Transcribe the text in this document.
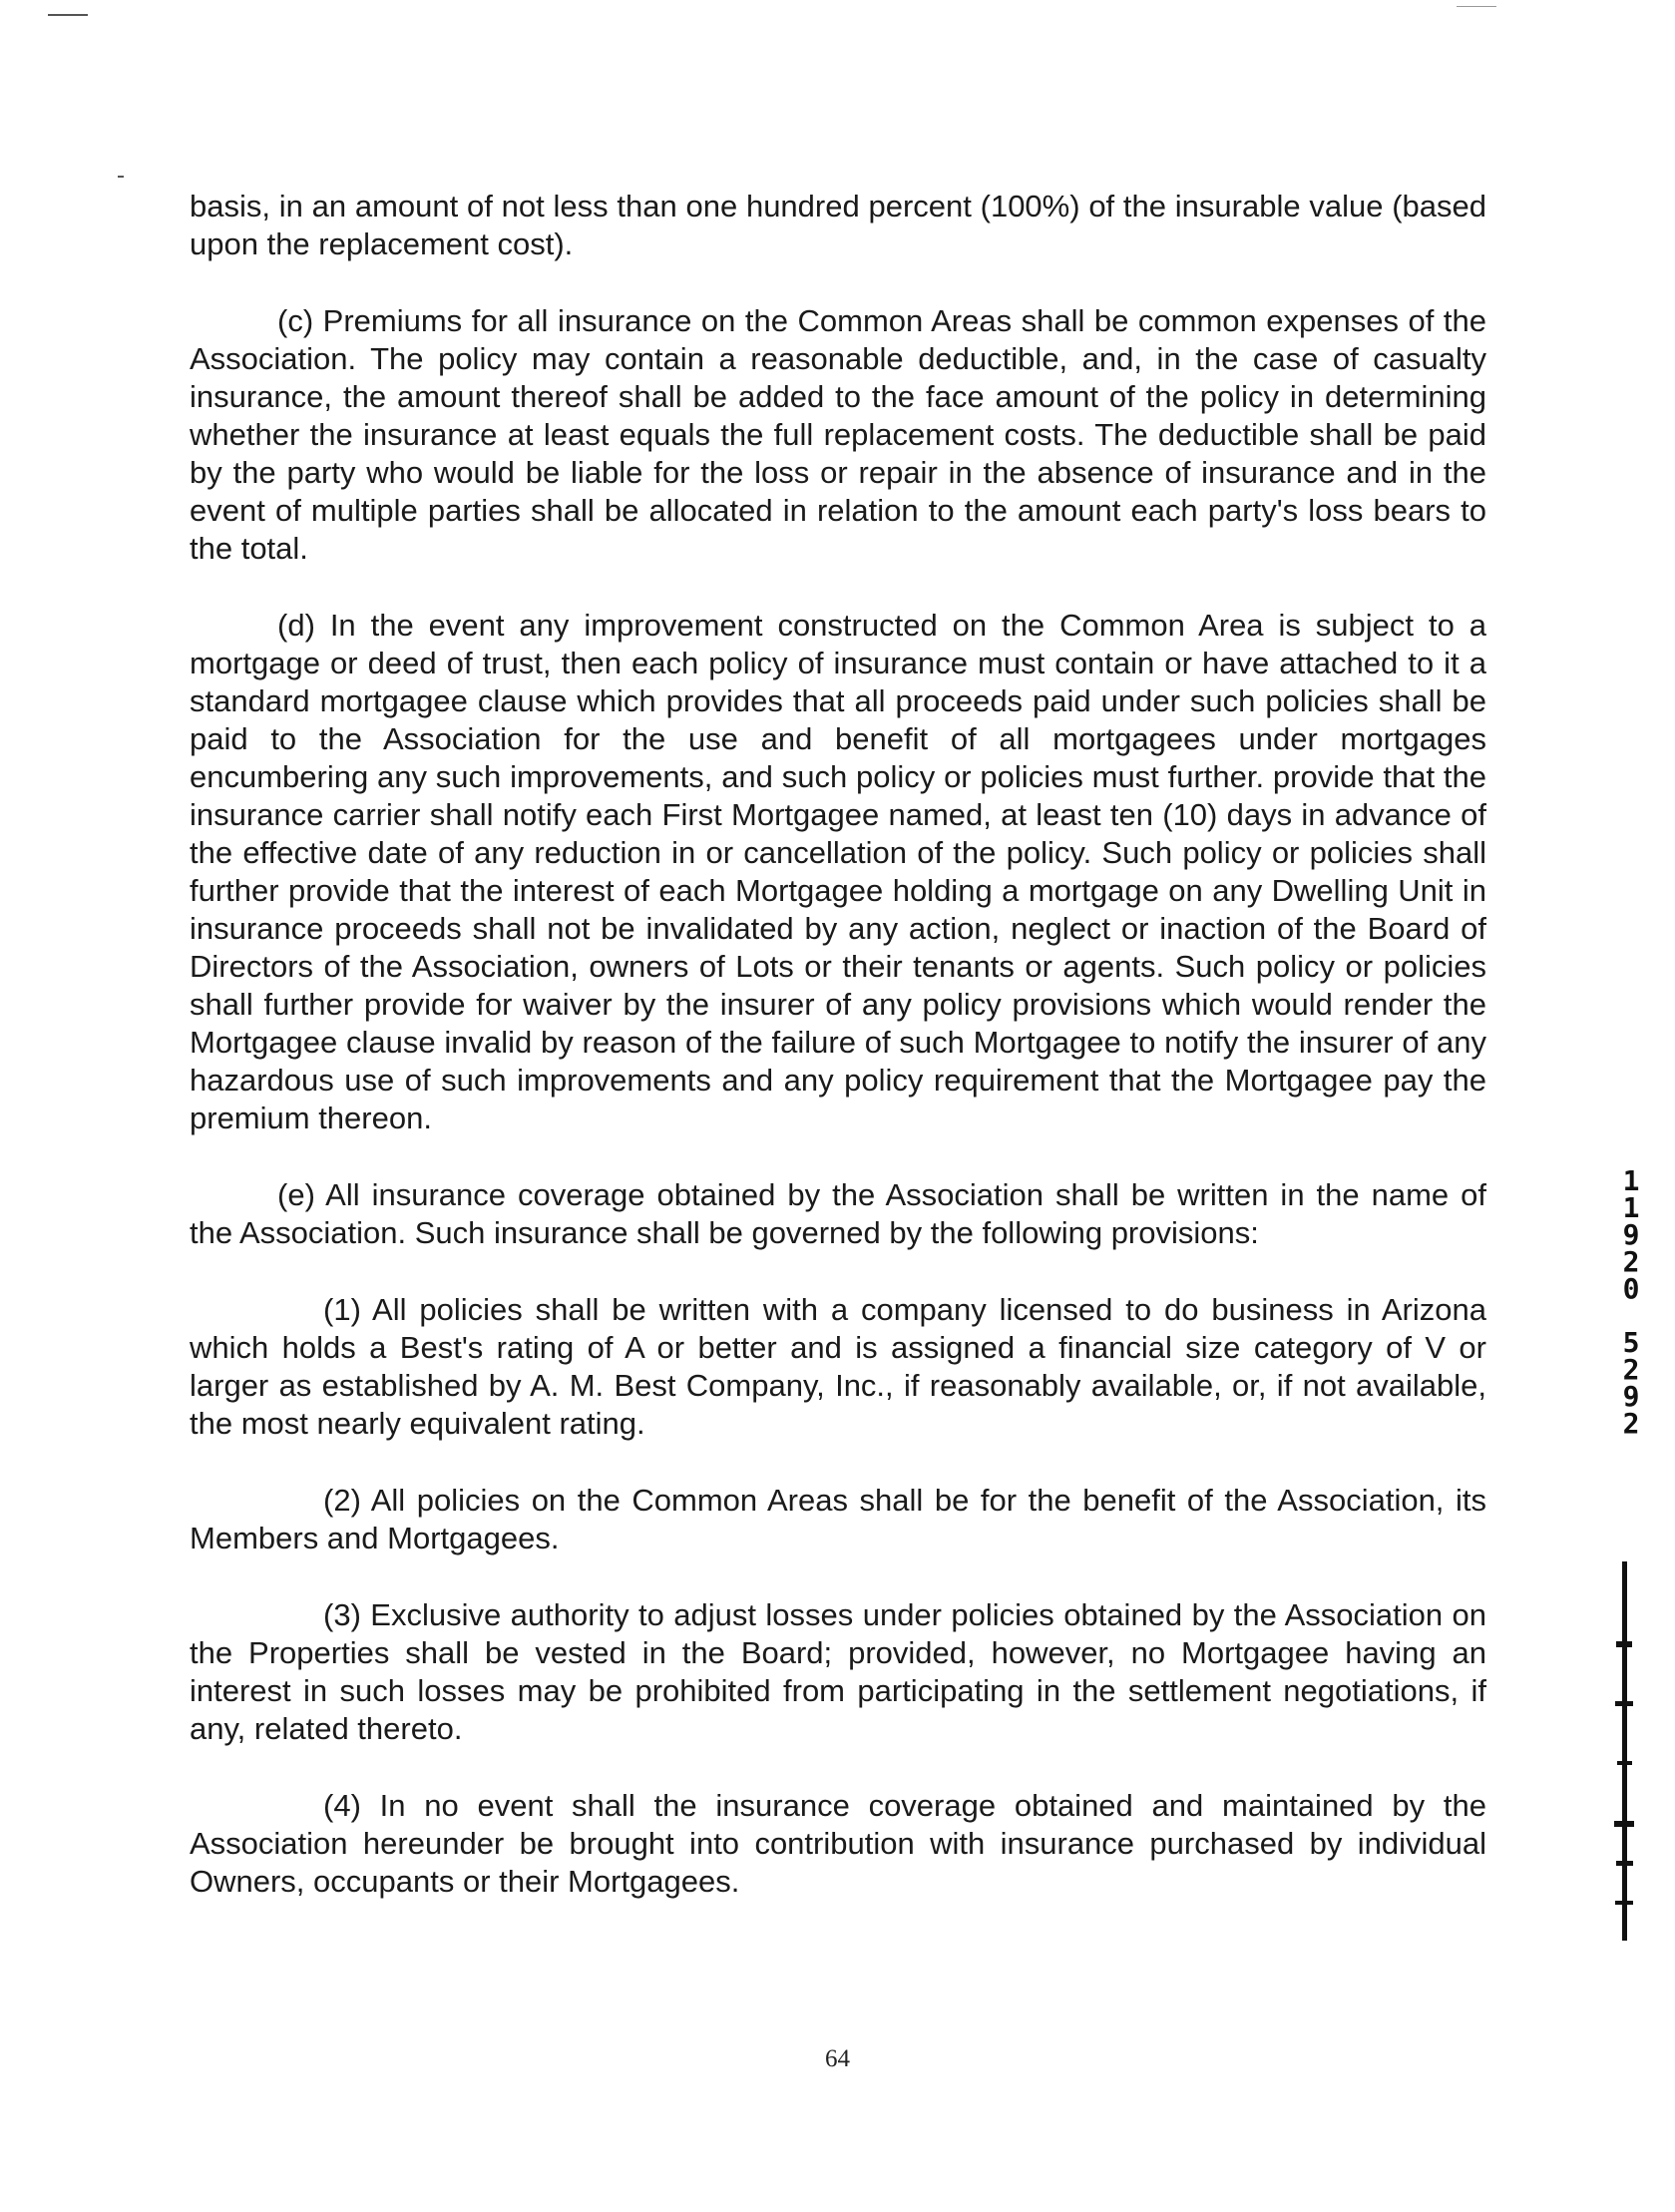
basis, in an amount of not less than one hundred percent (100%) of the insurable value (based upon the replacement cost).

(c) Premiums for all insurance on the Common Areas shall be common expenses of the Association. The policy may contain a reasonable deductible, and, in the case of casualty insurance, the amount thereof shall be added to the face amount of the policy in determining whether the insurance at least equals the full replacement costs. The deductible shall be paid by the party who would be liable for the loss or repair in the absence of insurance and in the event of multiple parties shall be allocated in relation to the amount each party's loss bears to the total.

(d) In the event any improvement constructed on the Common Area is subject to a mortgage or deed of trust, then each policy of insurance must contain or have attached to it a standard mortgagee clause which provides that all proceeds paid under such policies shall be paid to the Association for the use and benefit of all mortgagees under mortgages encumbering any such improvements, and such policy or policies must further. provide that the insurance carrier shall notify each First Mortgagee named, at least ten (10) days in advance of the effective date of any reduction in or cancellation of the policy. Such policy or policies shall further provide that the interest of each Mortgagee holding a mortgage on any Dwelling Unit in insurance proceeds shall not be invalidated by any action, neglect or inaction of the Board of Directors of the Association, owners of Lots or their tenants or agents. Such policy or policies shall further provide for waiver by the insurer of any policy provisions which would render the Mortgagee clause invalid by reason of the failure of such Mortgagee to notify the insurer of any hazardous use of such improvements and any policy requirement that the Mortgagee pay the premium thereon.

(e) All insurance coverage obtained by the Association shall be written in the name of the Association. Such insurance shall be governed by the following provisions:

(1) All policies shall be written with a company licensed to do business in Arizona which holds a Best's rating of A or better and is assigned a financial size category of V or larger as established by A. M. Best Company, Inc., if reasonably available, or, if not available, the most nearly equivalent rating.

(2) All policies on the Common Areas shall be for the benefit of the Association, its Members and Mortgagees.

(3) Exclusive authority to adjust losses under policies obtained by the Association on the Properties shall be vested in the Board; provided, however, no Mortgagee having an interest in such losses may be prohibited from participating in the settlement negotiations, if any, related thereto.

(4) In no event shall the insurance coverage obtained and maintained by the Association hereunder be brought into contribution with insurance purchased by individual Owners, occupants or their Mortgagees.

1
1
9
2
0

5
2
9
2
64
